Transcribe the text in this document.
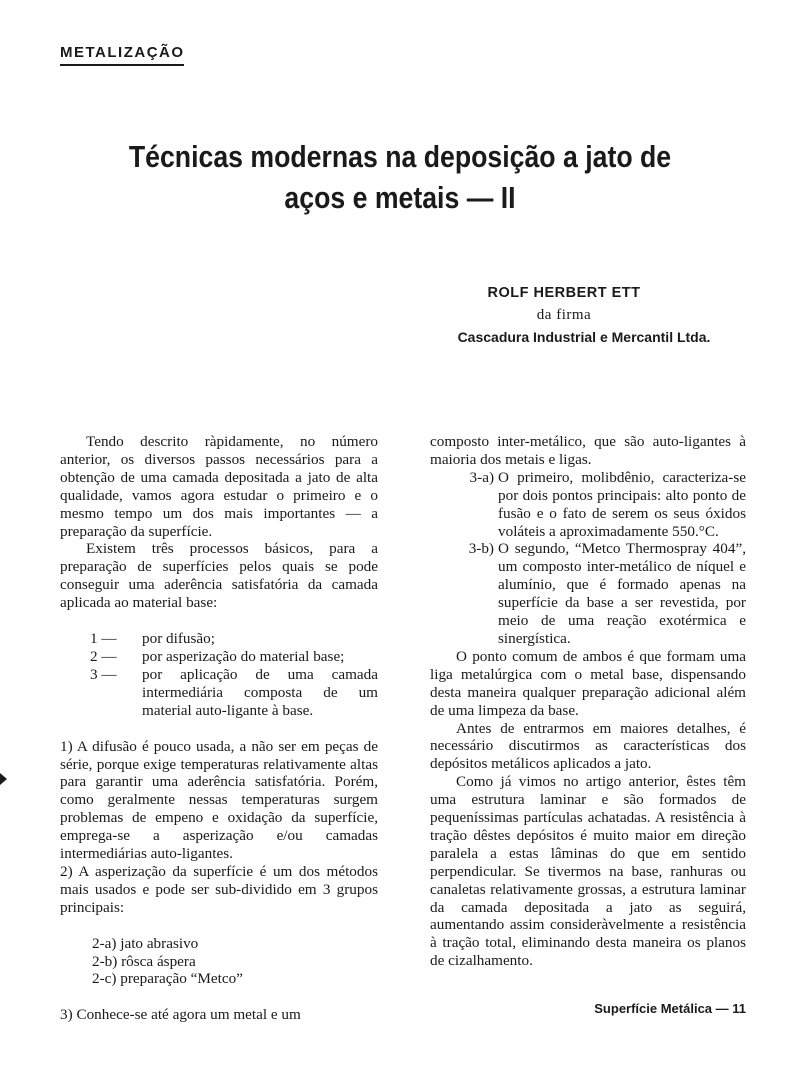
METALIZAÇÃO
Técnicas modernas na deposição a jato de
aços e metais — II
ROLF HERBERT ETT
da firma
Cascadura Industrial e Mercantil Ltda.

Tendo descrito ràpidamente, no número anterior, os diversos passos necessários para a obtenção de uma camada depositada a jato de alta qualidade, vamos agora estudar o primeiro e o mesmo tempo um dos mais importantes — a preparação da superfície.

Existem três processos básicos, para a preparação de superfícies pelos quais se pode conseguir uma aderência satisfatória da camada aplicada ao material base:

1 —	por difusão;
2 —	por asperização do material base;
3 —	por aplicação de uma camada intermediária composta de um material auto-ligante à base.

1) A difusão é pouco usada, a não ser em peças de série, porque exige temperaturas relativamente altas para garantir uma aderência satisfatória. Porém, como geralmente nessas temperaturas surgem problemas de empeno e oxidação da superfície, emprega-se a asperização e/ou camadas intermediárias auto-ligantes.

2) A asperização da superfície é um dos métodos mais usados e pode ser sub-dividido em 3 grupos principais:

2-a) jato abrasivo
2-b) rôsca áspera
2-c) preparação “Metco”

3) Conhece-se até agora um metal e um

composto inter-metálico, que são auto-ligantes à maioria dos metais e ligas.

3-a) O primeiro, molibdênio, caracteriza-se por dois pontos principais: alto ponto de fusão e o fato de serem os seus óxidos voláteis a aproximadamente 550.°C.
3-b) O segundo, “Metco Thermospray 404”, um composto inter-metálico de níquel e alumínio, que é formado apenas na superfície da base a ser revestida, por meio de uma reação exotérmica e sinergística.

O ponto comum de ambos é que formam uma liga metalúrgica com o metal base, dispensando desta maneira qualquer preparação adicional além de uma limpeza da base.

Antes de entrarmos em maiores detalhes, é necessário discutirmos as características dos depósitos metálicos aplicados a jato.

Como já vimos no artigo anterior, êstes têm uma estrutura laminar e são formados de pequeníssimas partículas achatadas. A resistência à tração dêstes depósitos é muito maior em direção paralela a estas lâminas do que em sentido perpendicular. Se tivermos na base, ranhuras ou canaletas relativamente grossas, a estrutura laminar da camada depositada a jato as seguirá, aumentando assim consideràvelmente a resistência à tração total, eliminando desta maneira os planos de cizalhamento.

Superfície Metálica — 11
